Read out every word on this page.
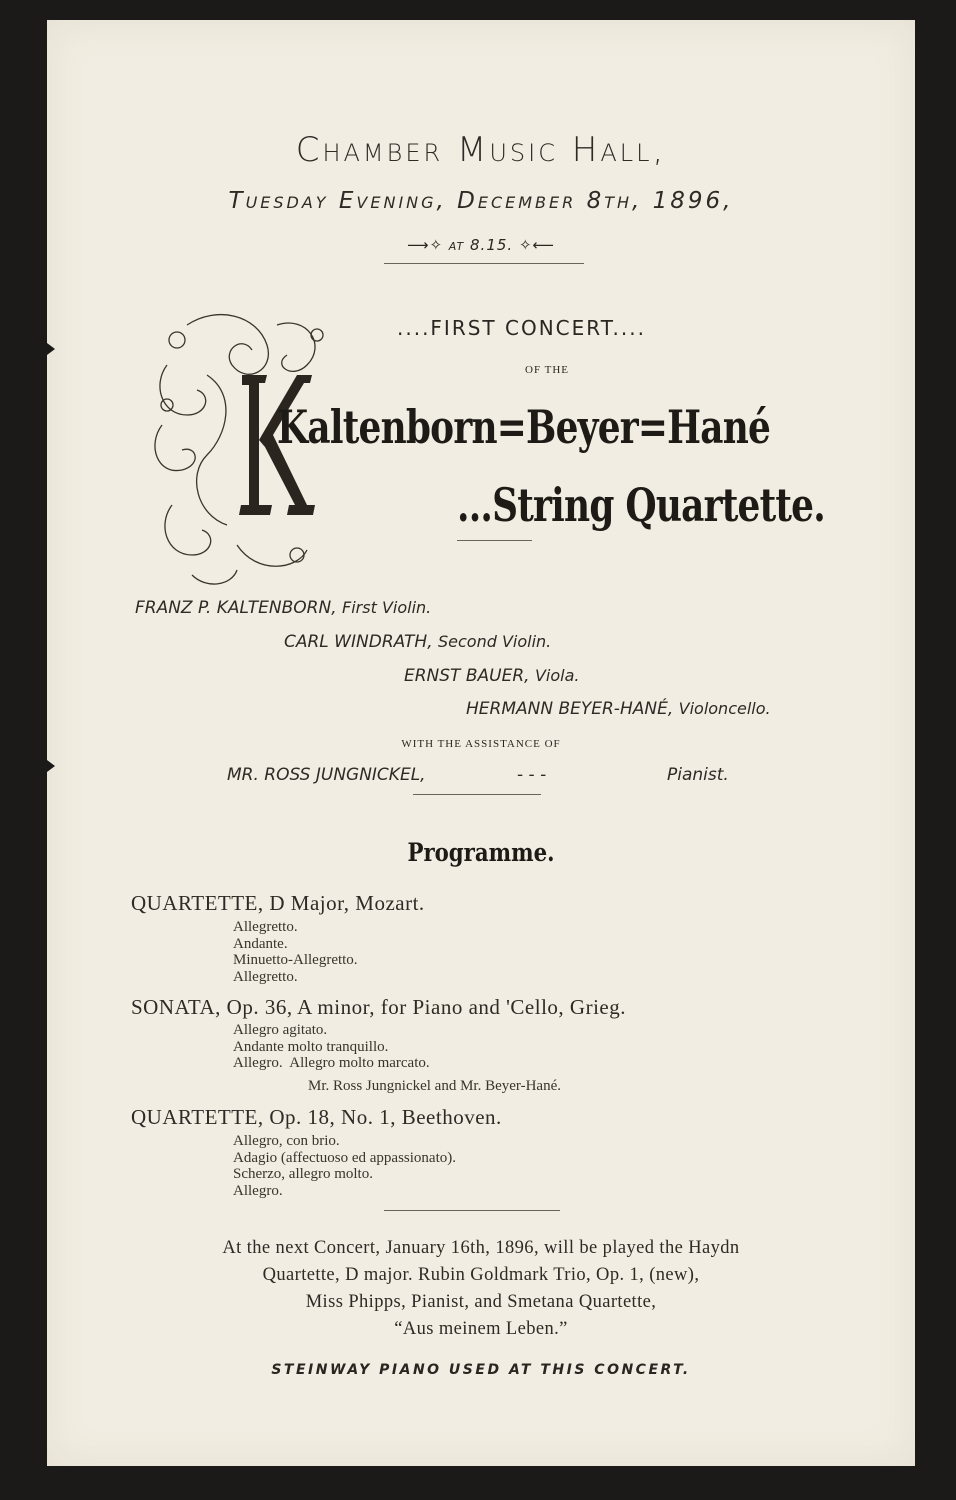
Chamber Music Hall,
Tuesday Evening, December 8th, 1896,
⟶✧ at 8.15. ✧⟵
....FIRST CONCERT....
OF THE
Kaltenborn=Beyer=Hané
...String Quartette.
FRANZ P. KALTENBORN, First Violin.
CARL WINDRATH, Second Violin.
ERNST BAUER, Viola.
HERMANN BEYER-HANÉ, Violoncello.
WITH THE ASSISTANCE OF
MR. ROSS JUNGNICKEL,	- - -	Pianist.
Programme.
QUARTETTE, D Major, Mozart.
Allegretto.
Andante.
Minuetto-Allegretto.
Allegretto.
SONATA, Op. 36, A minor, for Piano and 'Cello, Grieg.
Allegro agitato.
Andante molto tranquillo.
Allegro.  Allegro molto marcato.
Mr. Ross Jungnickel and Mr. Beyer-Hané.
QUARTETTE, Op. 18, No. 1, Beethoven.
Allegro, con brio.
Adagio (affectuoso ed appassionato).
Scherzo, allegro molto.
Allegro.
At the next Concert, January 16th, 1896, will be played the Haydn
Quartette, D major. Rubin Goldmark Trio, Op. 1, (new),
Miss Phipps, Pianist, and Smetana Quartette,
“Aus meinem Leben.”
STEINWAY PIANO USED AT THIS CONCERT.
